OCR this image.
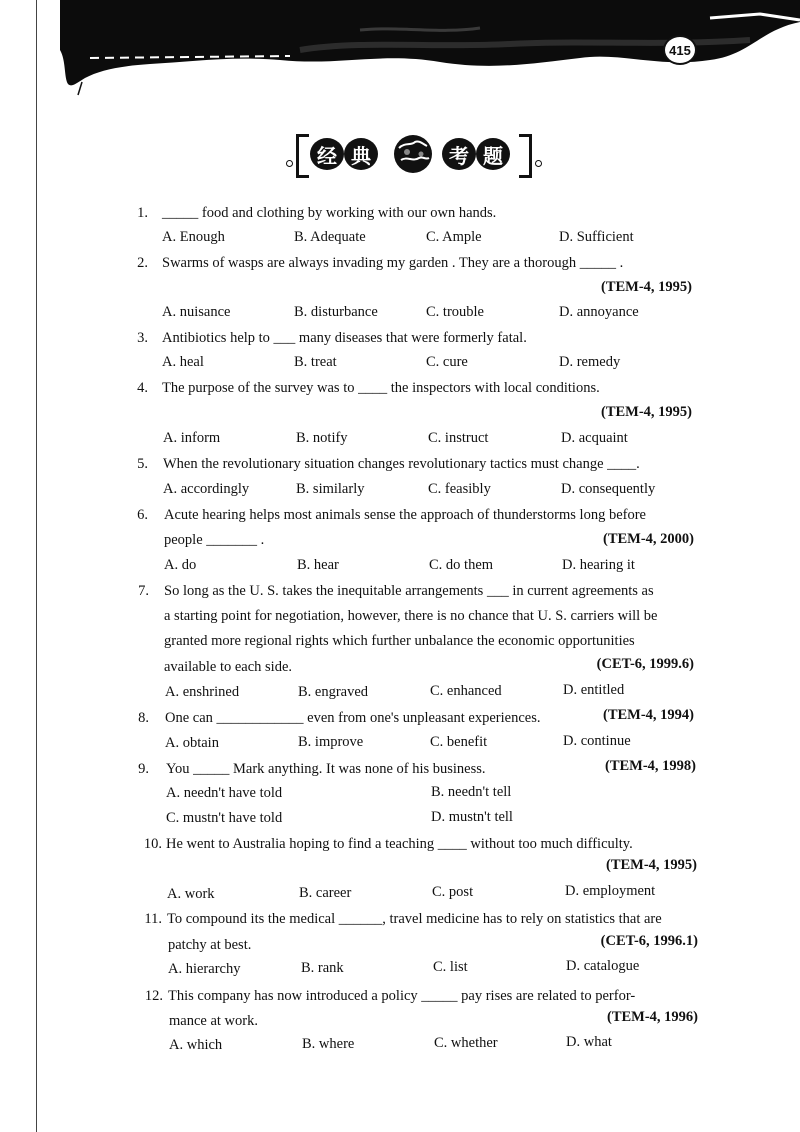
415
经 典	考 题
1. _____ food and clothing by working with our own hands.
A. Enough	B. Adequate	C. Ample	D. Sufficient
2. Swarms of wasps are always invading my garden . They are a thorough _____ .
(TEM-4, 1995)
A. nuisance	B. disturbance	C. trouble	D. annoyance
3. Antibiotics help to ___ many diseases that were formerly fatal.
A. heal	B. treat	C. cure	D. remedy
4. The purpose of the survey was to ____ the inspectors with local conditions.
(TEM-4, 1995)
A. inform	B. notify	C. instruct	D. acquaint
5. When the revolutionary situation changes revolutionary tactics must change ____.
A. accordingly	B. similarly	C. feasibly	D. consequently
6. Acute hearing helps most animals sense the approach of thunderstorms long before
people _______ .	(TEM-4, 2000)
A. do	B. hear	C. do them	D. hearing it
7. So long as the U. S. takes the inequitable arrangements ___ in current agreements as
a starting point for negotiation, however, there is no chance that U. S. carriers will be
granted more regional rights which further unbalance the economic opportunities
available to each side.	(CET-6, 1999.6)
A. enshrined	B. engraved	C. enhanced	D. entitled
8. One can ____________ even from one's unpleasant experiences.	(TEM-4, 1994)
A. obtain	B. improve	C. benefit	D. continue
9. You _____ Mark anything. It was none of his business.	(TEM-4, 1998)
A. needn't have told	B. needn't tell
C. mustn't have told	D. mustn't tell
10. He went to Australia hoping to find a teaching ____ without too much difficulty.
(TEM-4, 1995)
A. work	B. career	C. post	D. employment
11. To compound its the medical ______, travel medicine has to rely on statistics that are
patchy at best.	(CET-6, 1996.1)
A. hierarchy	B. rank	C. list	D. catalogue
12. This company has now introduced a policy _____ pay rises are related to perfor-
mance at work.	(TEM-4, 1996)
A. which	B. where	C. whether	D. what
